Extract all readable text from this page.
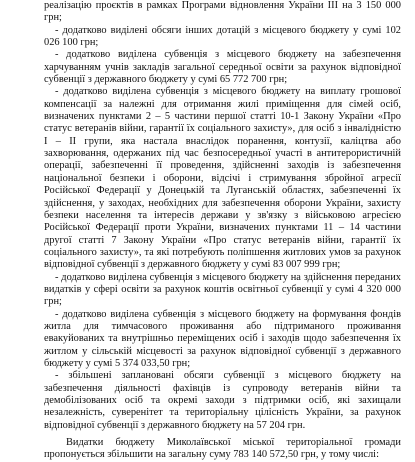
реалізацію проєктів в рамках Програми відновлення України III на 3 150 000 грн;

- додатково виділені обсяги інших дотацій з місцевого бюджету у сумі 102 026 100 грн;

- додатково виділена субвенція з місцевого бюджету на забезпечення харчуванням учнів закладів загальної середньої освіти за рахунок відповідної субвенції з державного бюджету у сумі 65 772 700 грн;

- додатково виділена субвенція з місцевого бюджету на виплату грошової компенсації за належні для отримання жилі приміщення для сімей осіб, визначених пунктами 2 – 5 частини першої статті 10-1 Закону України «Про статус ветеранів війни, гарантії їх соціального захисту», для осіб з інвалідністю I – II групи, яка настала внаслідок поранення, контузії, каліцтва або захворювання, одержаних під час безпосередньої участі в антитерористичній операції, забезпеченні її проведення, здійсненні заходів із забезпечення національної безпеки і оборони, відсічі і стримування збройної агресії Російської Федерації у Донецькій та Луганській областях, забезпеченні їх здійснення, у заходах, необхідних для забезпечення оборони України, захисту безпеки населення та інтересів держави у зв'язку з військовою агресією Російської Федерації проти України, визначених пунктами 11 – 14 частини другої статті 7 Закону України «Про статус ветеранів війни, гарантії їх соціального захисту», та які потребують поліпшення житлових умов за рахунок відповідної субвенції з державного бюджету у сумі 83 007 999 грн;

- додатково виділена субвенція з місцевого бюджету на здійснення переданих видатків у сфері освіти за рахунок коштів освітньої субвенції у сумі 4 320 000 грн;

- додатково виділена субвенція з місцевого бюджету на формування фондів житла для тимчасового проживання або підтриманого проживання евакуйованих та внутрішньо переміщених осіб і заходів щодо забезпечення їх житлом у сільській місцевості за рахунок відповідної субвенції з державного бюджету у сумі 5 374 033,50 грн;

- збільшені заплановані обсяги субвенції з місцевого бюджету на забезпечення діяльності фахівців із супроводу ветеранів війни та демобілізованих осіб та окремі заходи з підтримки осіб, які захищали незалежність, суверенітет та територіальну цілісність України, за рахунок відповідної субвенції з державного бюджету на 57 204 грн.

Видатки бюджету Миколаївської міської територіальної громади пропонується збільшити на загальну суму 783 140 572,50 грн, у тому числі:
